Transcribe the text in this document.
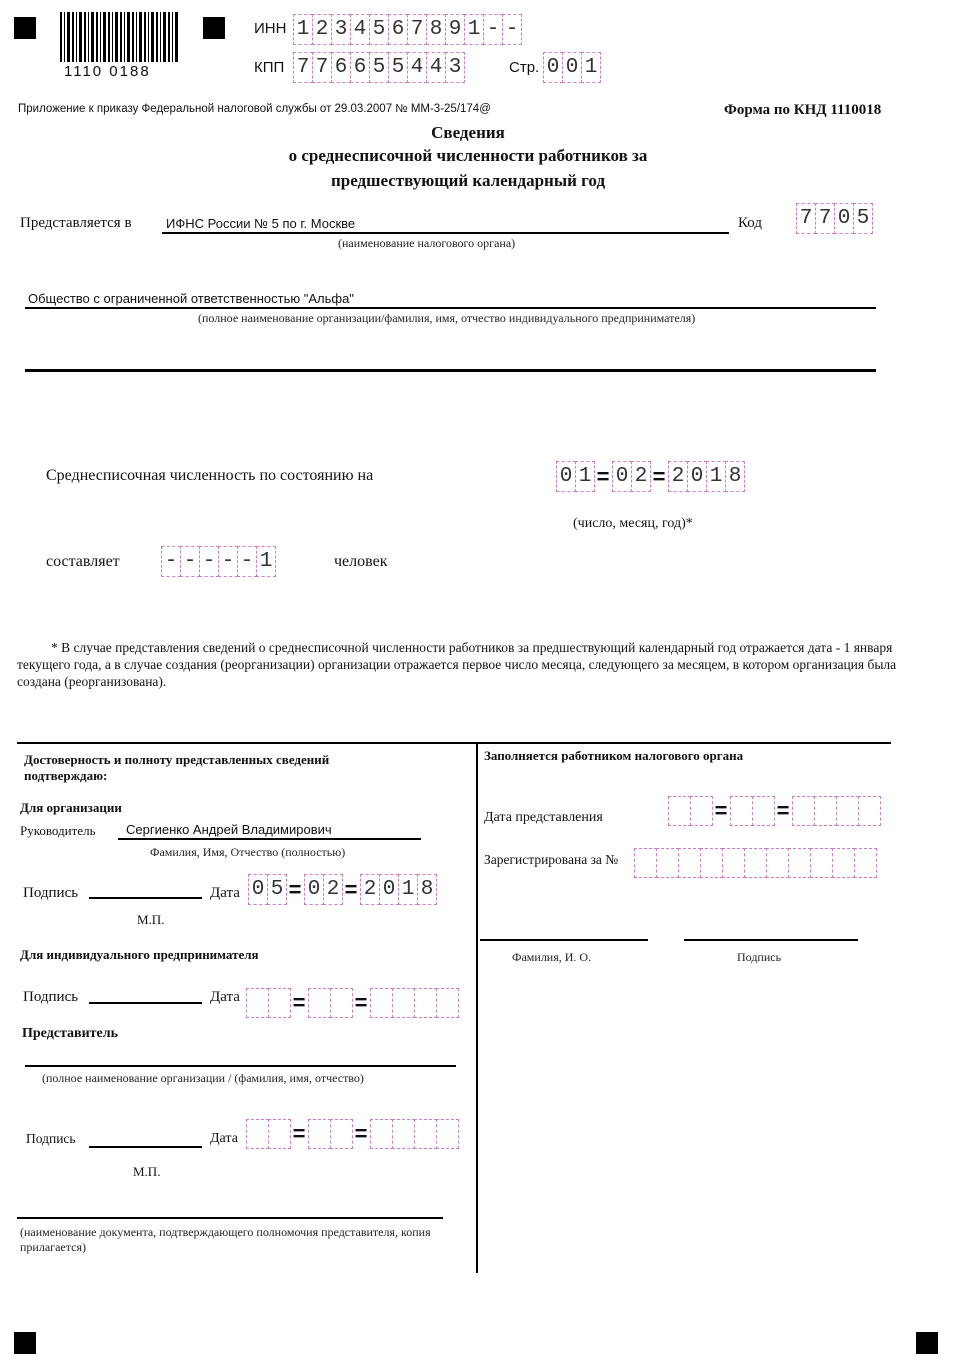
1110 0188
ИНН 1 2 3 4 5 6 7 8 9 1 - -
КПП 7 7 6 6 5 5 4 4 3	Стр. 0 0 1
Приложение к приказу Федеральной налоговой службы от 29.03.2007 № ММ-3-25/174@	Форма по КНД 1110018
Сведения
о среднесписочной численности работников за
предшествующий календарный год
Представляется в	ИФНС России № 5 по г. Москве
(наименование налогового органа)
Код 7 7 0 5
Общество с ограниченной ответственностью "Альфа"
(полное наименование организации/фамилия, имя, отчество индивидуального предпринимателя)
Среднесписочная численность по состоянию на	0 1 = 0 2 = 2 0 1 8
(число, месяц, год)*
составляет - - - - - 1	человек
* В случае представления сведений о среднесписочной численности работников за предшествующий календарный год отражается дата - 1 января текущего года, а в случае создания (реорганизации) организации отражается первое число месяца, следующего за месяцем, в котором организация была создана (реорганизована).
Достоверность и полноту представленных сведений подтверждаю:
Для организации
Руководитель Сергиенко Андрей Владимирович
Фамилия, Имя, Отчество (полностью)
Подпись	Дата 0 5 = 0 2 = 2 0 1 8
М.П.
Для индивидуального предпринимателя
Подпись	Дата = =
Представитель
(полное наименование организации / (фамилия, имя, отчество)
Подпись	Дата = =
М.П.
(наименование документа, подтверждающего полномочия представителя, копия прилагается)
Заполняется работником налогового органа
Дата представления	= =
Зарегистрирована за №
Фамилия, И. О.	Подпись
